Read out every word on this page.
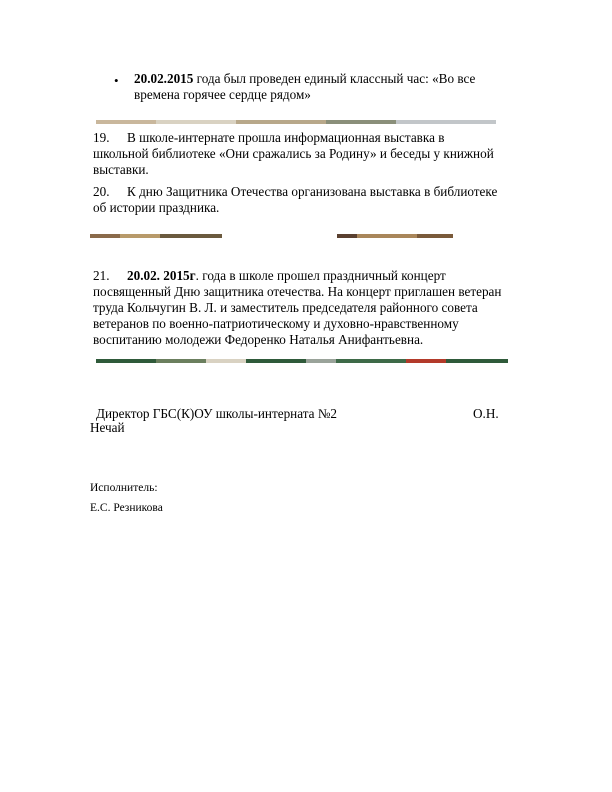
• 20.02.2015 года был проведен единый классный час: «Во все

времена горячее сердце рядом»

19. В школе-интернате прошла информационная выставка в

школьной библиотеке «Они сражались за Родину» и беседы у книжной

выставки.

20. К дню Защитника Отечества организована выставка в библиотеке

об истории праздника.

21. 20.02. 2015г. года в школе прошел праздничный концерт

посвященный Дню защитника отечества. На концерт приглашен ветеран

труда Кольчугин В. Л. и заместитель председателя районного совета

ветеранов по военно-патриотическому и духовно-нравственному

воспитанию молодежи Федоренко Наталья Анифантьевна.

Директор ГБС(К)ОУ школы-интерната №2	О.Н.

Нечай

Исполнитель:

Е.С. Резникова
